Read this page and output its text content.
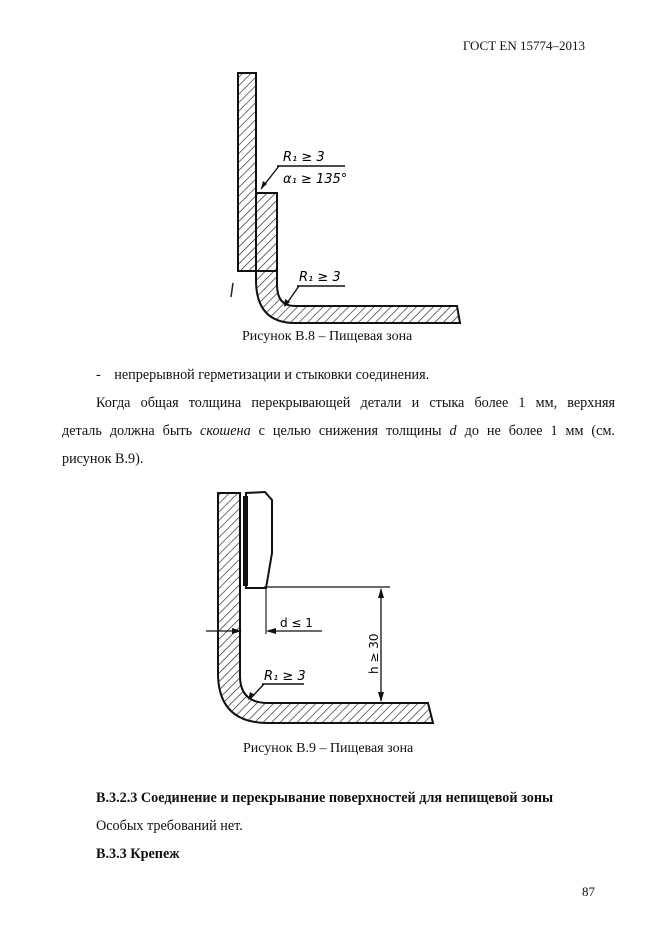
ГОСТ EN 15774–2013
R₁ ≥ 3
α₁ ≥ 135°
R₁ ≥ 3
Рисунок В.8 – Пищевая зона
- непрерывной герметизации и стыковки соединения.
Когда общая толщина перекрывающей детали и стыка более 1 мм, верхняя
деталь должна быть скошена с целью снижения толщины d до не более 1 мм (см.
рисунок В.9).
h ≥ 30
d ≤ 1
R₁ ≥ 3
Рисунок В.9 – Пищевая зона
В.3.2.3 Соединение и перекрывание поверхностей для непищевой зоны
Особых требований нет.
В.3.3 Крепеж
87
